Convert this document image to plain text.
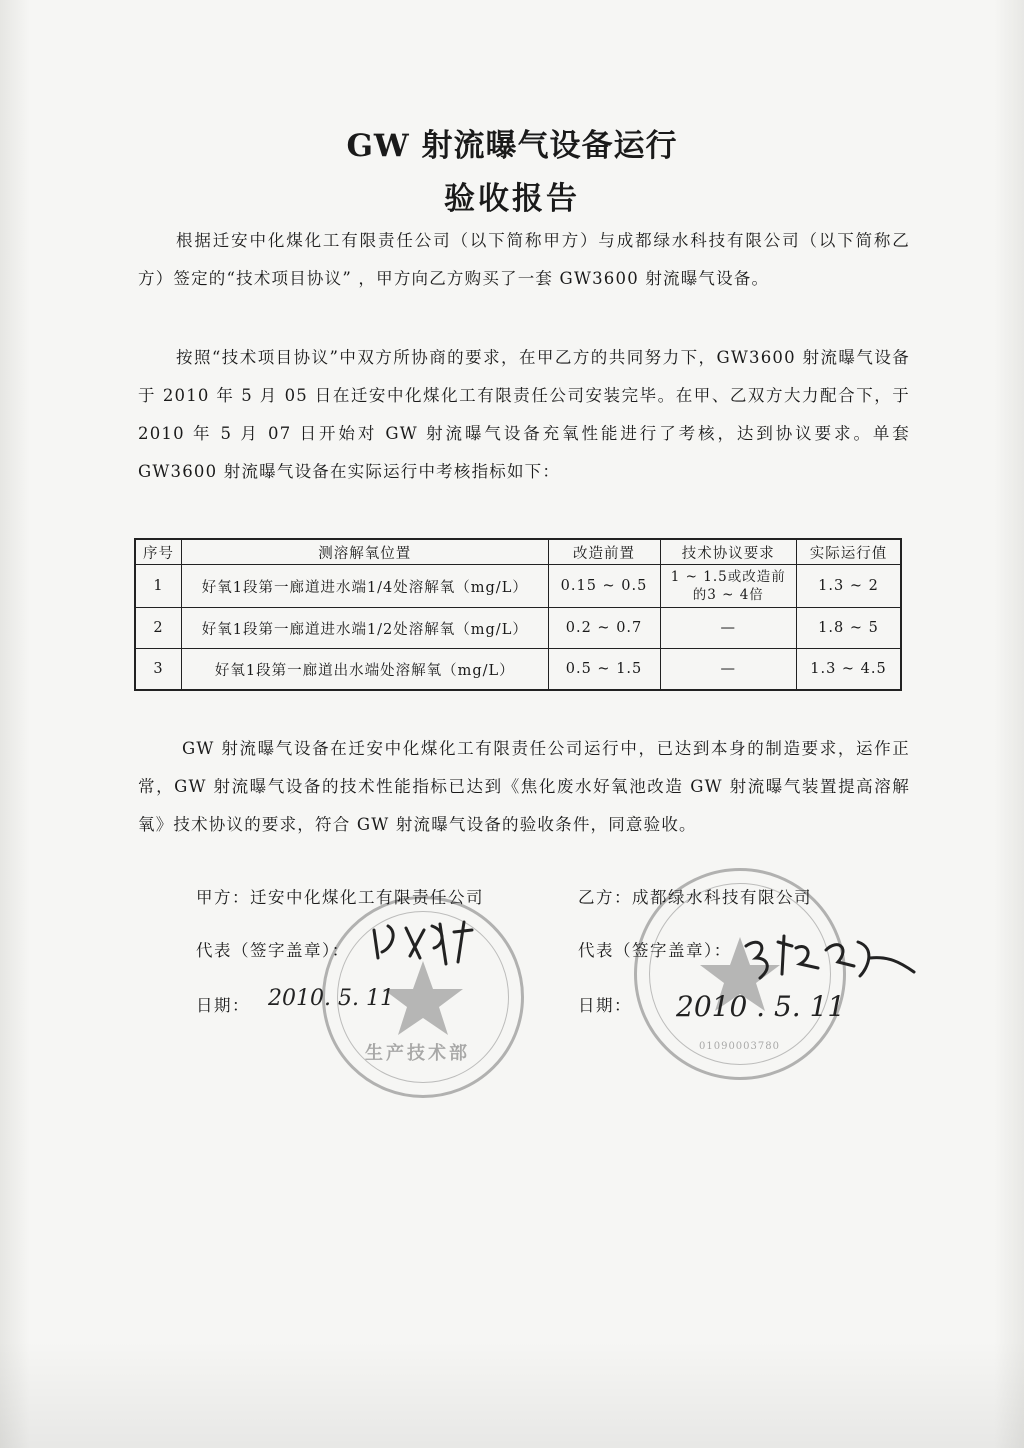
GW 射流曝气设备运行
验收报告
根据迁安中化煤化工有限责任公司（以下简称甲方）与成都绿水科技有限公司（以下简称乙方）签定的“技术项目协议” ，甲方向乙方购买了一套 GW3600 射流曝气设备。
按照“技术项目协议”中双方所协商的要求，在甲乙方的共同努力下，GW3600 射流曝气设备于 2010 年 5 月 05 日在迁安中化煤化工有限责任公司安装完毕。在甲、乙双方大力配合下，于 2010 年 5 月 07 日开始对 GW 射流曝气设备充氧性能进行了考核，达到协议要求。单套 GW3600 射流曝气设备在实际运行中考核指标如下：
序号	测溶解氧位置	改造前置	技术协议要求	实际运行值
1	好氧1段第一廊道进水端1/4处溶解氧（mg/L）	0.15 ~ 0.5	1 ~ 1.5或改造前的3 ~ 4倍	1.3 ~ 2
2	好氧1段第一廊道进水端1/2处溶解氧（mg/L）	0.2 ~ 0.7	—	1.8 ~ 5
3	好氧1段第一廊道出水端处溶解氧（mg/L）	0.5 ~ 1.5	—	1.3 ~ 4.5
GW 射流曝气设备在迁安中化煤化工有限责任公司运行中，已达到本身的制造要求，运作正常，GW 射流曝气设备的技术性能指标已达到《焦化废水好氧池改造 GW 射流曝气装置提高溶解氧》技术协议的要求，符合 GW 射流曝气设备的验收条件，同意验收。
生产技术部	01090003780
甲方：迁安中化煤化工有限责任公司	乙方：成都绿水科技有限公司
代表（签字盖章）：	代表（签字盖章）：
日期： 2010. 5. 11	日期： 2010 . 5. 11
